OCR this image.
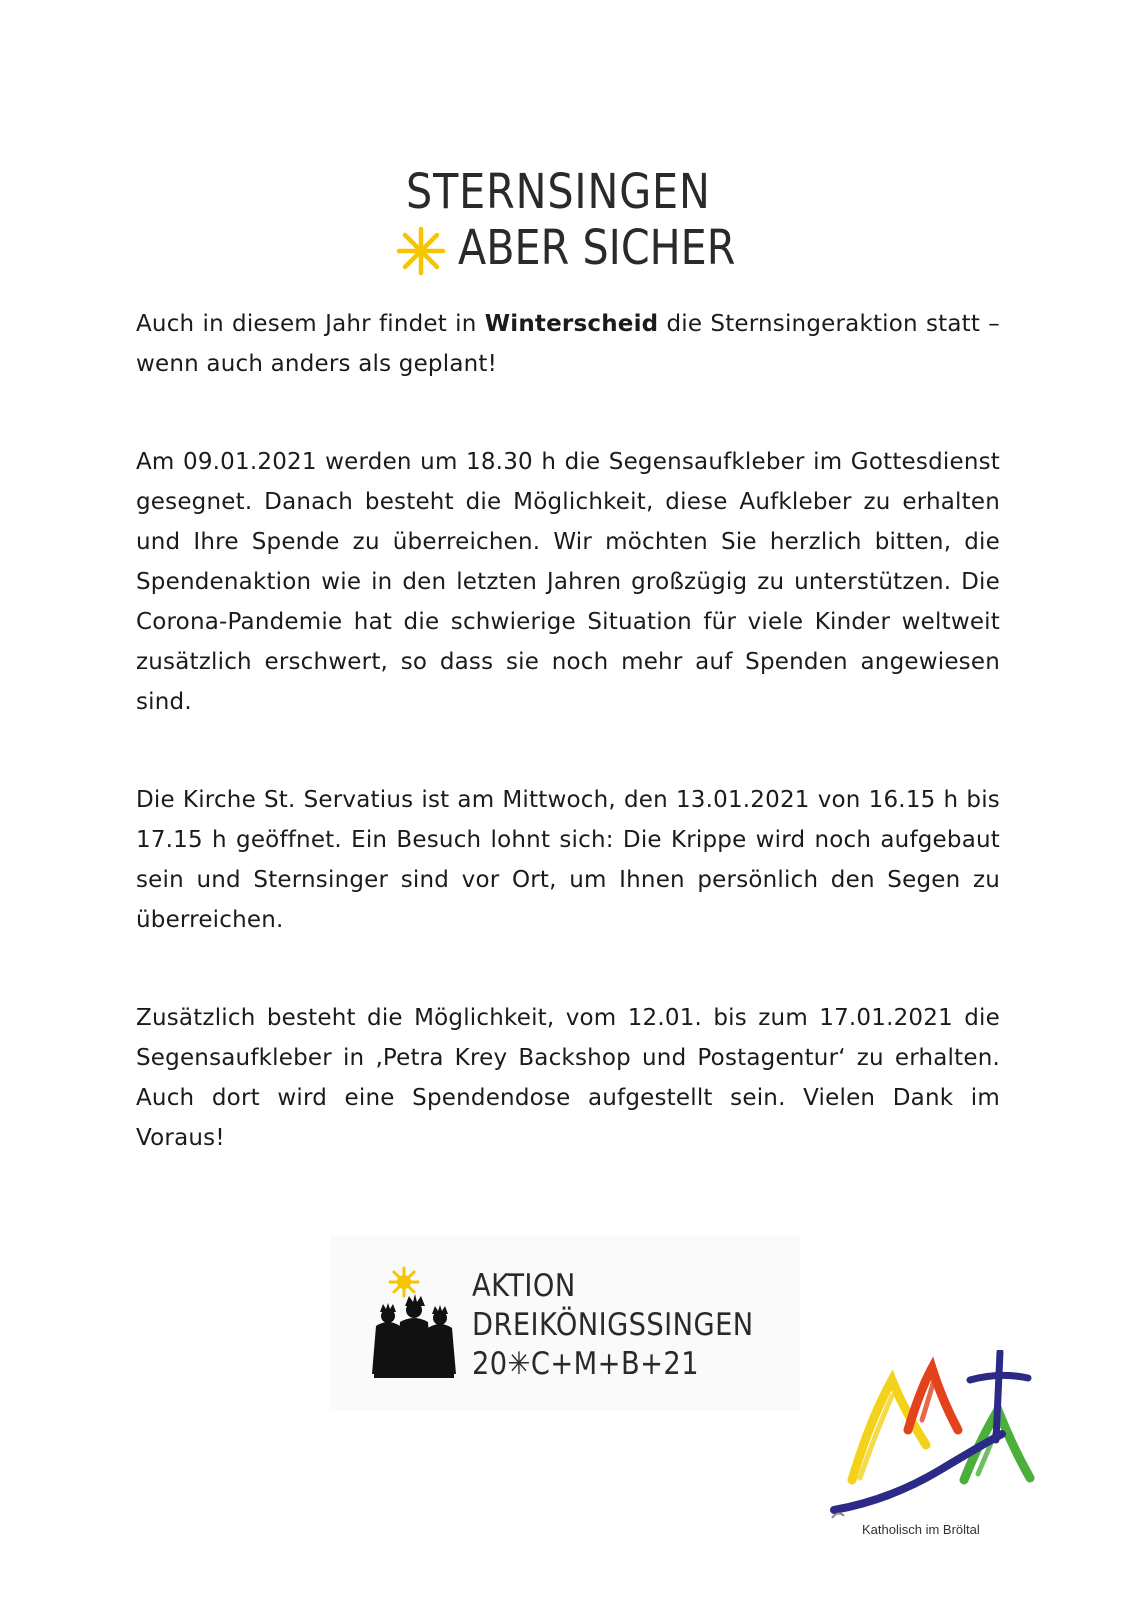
STERNSINGEN
ABER SICHER

Auch in diesem Jahr findet in Winterscheid die Sternsingeraktion statt – wenn auch anders als geplant!

Am 09.01.2021 werden um 18.30 h die Segensaufkleber im Gottesdienst gesegnet. Danach besteht die Möglichkeit, diese Aufkleber zu erhalten und Ihre Spende zu überreichen. Wir möchten Sie herzlich bitten, die Spendenaktion wie in den letzten Jahren großzügig zu unterstützen. Die Corona-Pandemie hat die schwierige Situation für viele Kinder weltweit zusätzlich erschwert, so dass sie noch mehr auf Spenden angewiesen sind.

Die Kirche St. Servatius ist am Mittwoch, den 13.01.2021 von 16.15 h bis 17.15 h geöffnet. Ein Besuch lohnt sich: Die Krippe wird noch aufgebaut sein und Sternsinger sind vor Ort, um Ihnen persönlich den Segen zu überreichen.

Zusätzlich besteht die Möglichkeit, vom 12.01. bis zum 17.01.2021 die Segensaufkleber in ‚Petra Krey Backshop und Postagentur‘ zu erhalten. Auch dort wird eine Spendendose aufgestellt sein. Vielen Dank im Voraus!

AKTION
DREIKÖNIGSSINGEN
20✳C+M+B+21
Katholisch im Bröltal
